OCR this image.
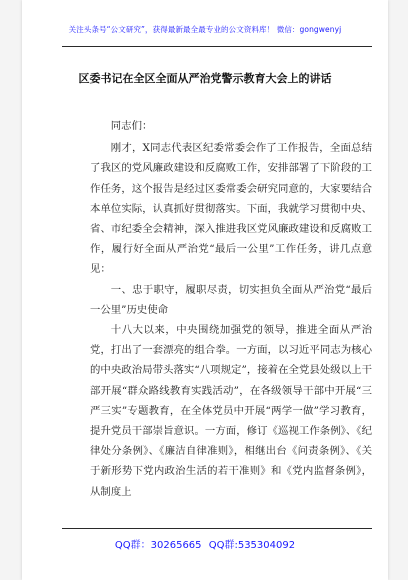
关注头条号“公文研究”，获得最新最全最专业的公文资料库！ 微信：gongwenyj
区委书记在全区全面从严治党警示教育大会上的讲话

同志们：

刚才，X同志代表区纪委常委会作了工作报告，全面总结了我区的党风廉政建设和反腐败工作，安排部署了下阶段的工作任务，这个报告是经过区委常委会研究同意的，大家要结合本单位实际，认真抓好贯彻落实。下面，我就学习贯彻中央、省、市纪委全会精神，深入推进我区党风廉政建设和反腐败工作，履行好全面从严治党“最后一公里”工作任务，讲几点意见：

一、忠于职守，履职尽责，切实担负全面从严治党“最后一公里”历史使命

十八大以来，中央围绕加强党的领导，推进全面从严治党，打出了一套漂亮的组合拳。一方面，以习近平同志为核心的中央政治局带头落实“八项规定”，接着在全党县处级以上干部开展“群众路线教育实践活动”，在各级领导干部中开展“三严三实”专题教育，在全体党员中开展“两学一做”学习教育，提升党员干部崇旨意识。一方面，修订《巡视工作条例》、《纪律处分条例》、《廉洁自律准则》，相继出台《问责条例》、《关于新形势下党内政治生活的若干准则》和《党内监督条例》，从制度上

QQ群：30265665 QQ群:535304092
